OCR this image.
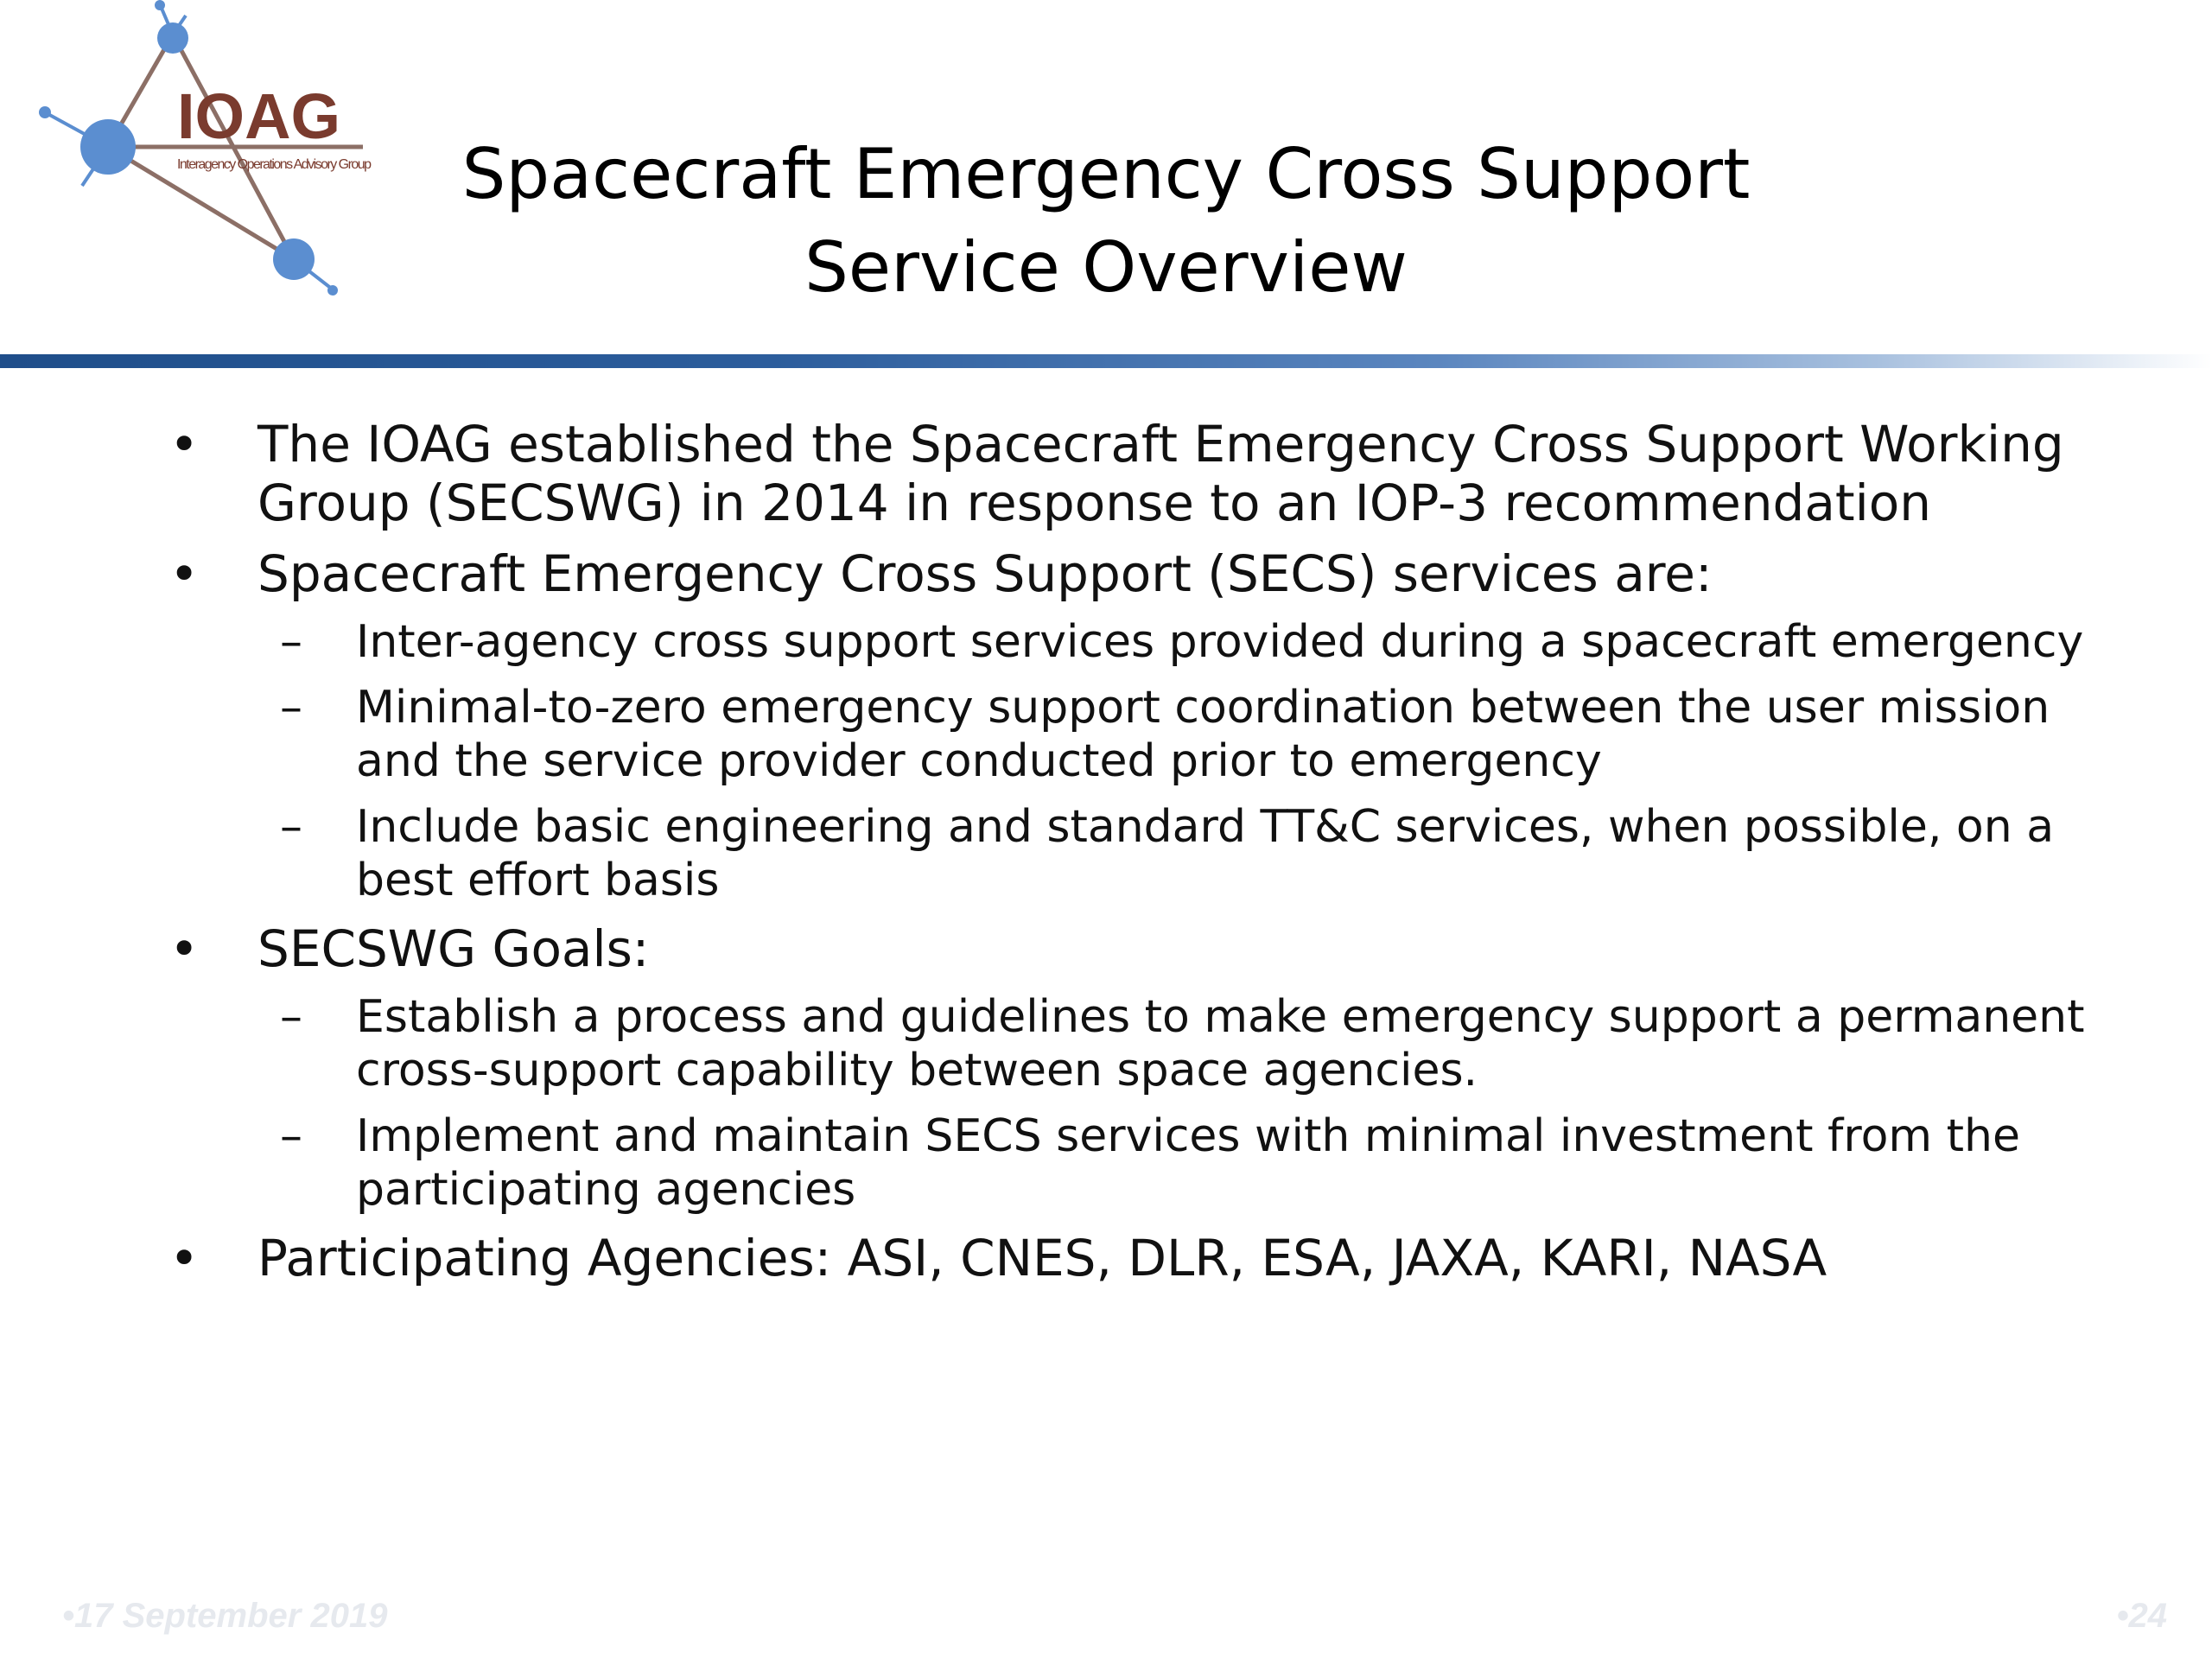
IOAG
Interagency Operations Advisory Group	Spacecraft Emergency Cross Support
Service Overview
• The IOAG established the Spacecraft Emergency Cross Support Working Group (SECSWG) in 2014 in response to an IOP-3 recommendation
• Spacecraft Emergency Cross Support (SECS) services are:
– Inter-agency cross support services provided during a spacecraft emergency
– Minimal-to-zero emergency support coordination between the user mission and the service provider conducted prior to emergency
– Include basic engineering and standard TT&C services, when possible, on a best effort basis
• SECSWG Goals:
– Establish a process and guidelines to make emergency support a permanent cross-support capability between space agencies.
– Implement and maintain SECS services with minimal investment from the participating agencies
• Participating Agencies: ASI, CNES, DLR, ESA, JAXA, KARI, NASA
•17 September 2019	•24
